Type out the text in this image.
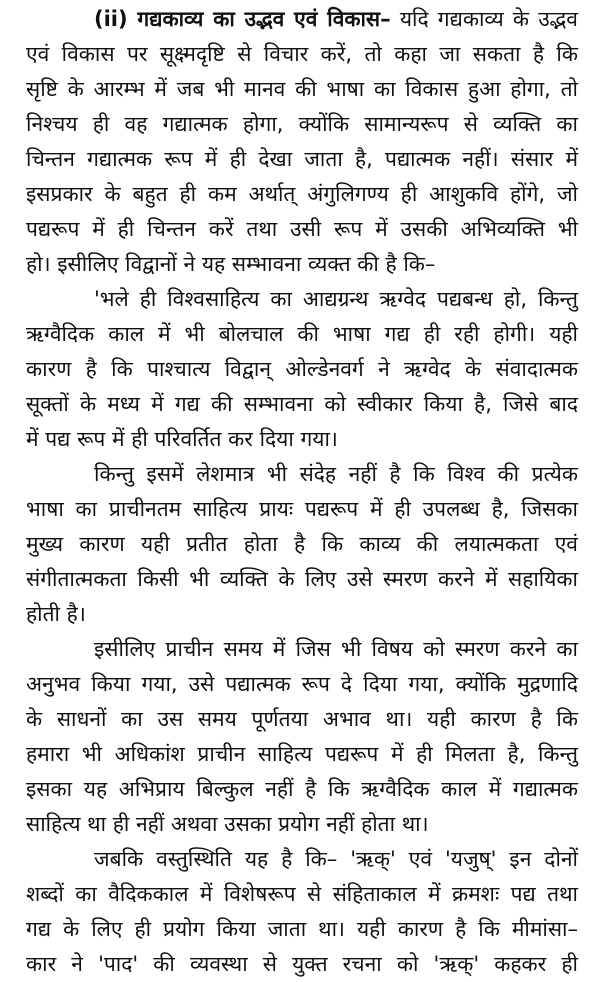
(ii) गद्यकाव्य का उद्भव एवं विकास– यदि गद्यकाव्य के उद्भव
एवं विकास पर सूक्ष्मदृष्टि से विचार करें, तो कहा जा सकता है कि
सृष्टि के आरम्भ में जब भी मानव की भाषा का विकास हुआ होगा, तो
निश्चय ही वह गद्यात्मक होगा, क्योंकि सामान्यरूप से व्यक्ति का
चिन्तन गद्यात्मक रूप में ही देखा जाता है, पद्यात्मक नहीं। संसार में
इसप्रकार के बहुत ही कम अर्थात् अंगुलिगण्य ही आशुकवि होंगे, जो
पद्यरूप में ही चिन्तन करें तथा उसी रूप में उसकी अभिव्यक्ति भी
हो। इसीलिए विद्वानों ने यह सम्भावना व्यक्त की है कि–
'भले ही विश्वसाहित्य का आद्यग्रन्थ ऋग्वेद पद्यबन्ध हो, किन्तु
ऋग्वैदिक काल में भी बोलचाल की भाषा गद्य ही रही होगी। यही
कारण है कि पाश्चात्य विद्वान् ओल्डेनवर्ग ने ऋग्वेद के संवादात्मक
सूक्तों के मध्य में गद्य की सम्भावना को स्वीकार किया है, जिसे बाद
में पद्य रूप में ही परिवर्तित कर दिया गया।
किन्तु इसमें लेशमात्र भी संदेह नहीं है कि विश्व की प्रत्येक
भाषा का प्राचीनतम साहित्य प्रायः पद्यरूप में ही उपलब्ध है, जिसका
मुख्य कारण यही प्रतीत होता है कि काव्य की लयात्मकता एवं
संगीतात्मकता किसी भी व्यक्ति के लिए उसे स्मरण करने में सहायिका
होती है।
इसीलिए प्राचीन समय में जिस भी विषय को स्मरण करने का
अनुभव किया गया, उसे पद्यात्मक रूप दे दिया गया, क्योंकि मुद्रणादि
के साधनों का उस समय पूर्णतया अभाव था। यही कारण है कि
हमारा भी अधिकांश प्राचीन साहित्य पद्यरूप में ही मिलता है, किन्तु
इसका यह अभिप्राय बिल्कुल नहीं है कि ऋग्वैदिक काल में गद्यात्मक
साहित्य था ही नहीं अथवा उसका प्रयोग नहीं होता था।
जबकि वस्तुस्थिति यह है कि– 'ऋक्' एवं 'यजुष्' इन दोनों
शब्दों का वैदिककाल में विशेषरूप से संहिताकाल में क्रमशः पद्य तथा
गद्य के लिए ही प्रयोग किया जाता था। यही कारण है कि मीमांसा–
कार ने 'पाद' की व्यवस्था से युक्त रचना को 'ऋक्' कहकर ही
